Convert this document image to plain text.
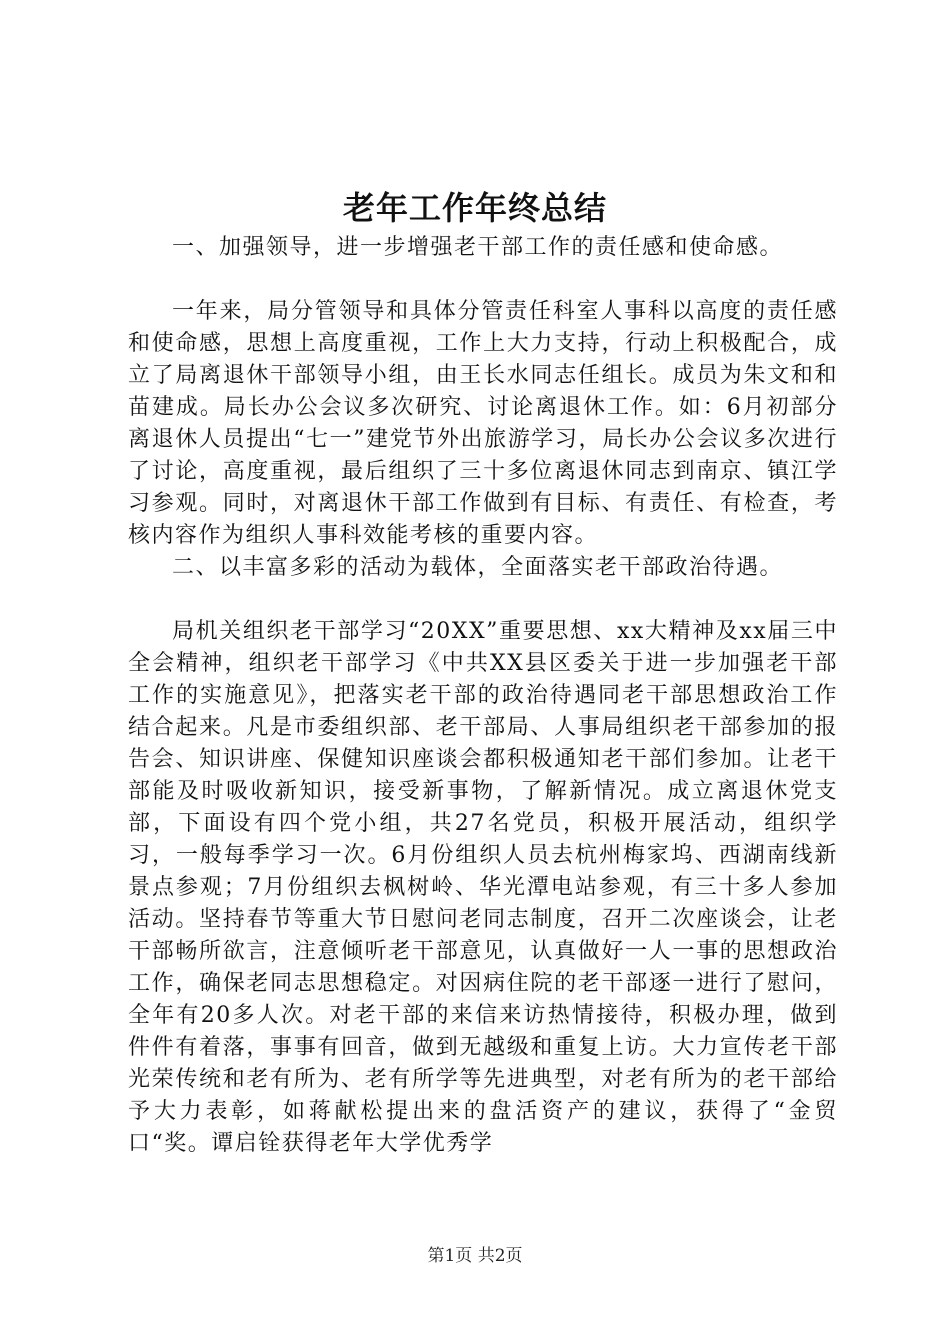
老年工作年终总结

一、加强领导，进一步增强老干部工作的责任感和使命感。

一年来，局分管领导和具体分管责任科室人事科以高度的责任感和使命感，思想上高度重视，工作上大力支持，行动上积极配合，成立了局离退休干部领导小组，由王长水同志任组长。成员为朱文和和苗建成。局长办公会议多次研究、讨论离退休工作。如：6月初部分离退休人员提出“七一”建党节外出旅游学习，局长办公会议多次进行了讨论，高度重视，最后组织了三十多位离退休同志到南京、镇江学习参观。同时，对离退休干部工作做到有目标、有责任、有检查，考核内容作为组织人事科效能考核的重要内容。

二、以丰富多彩的活动为载体，全面落实老干部政治待遇。

局机关组织老干部学习“20XX”重要思想、xx大精神及xx届三中全会精神，组织老干部学习《中共XX县区委关于进一步加强老干部工作的实施意见》，把落实老干部的政治待遇同老干部思想政治工作结合起来。凡是市委组织部、老干部局、人事局组织老干部参加的报告会、知识讲座、保健知识座谈会都积极通知老干部们参加。让老干部能及时吸收新知识，接受新事物，了解新情况。成立离退休党支部，下面设有四个党小组，共27名党员，积极开展活动，组织学习，一般每季学习一次。6月份组织人员去杭州梅家坞、西湖南线新景点参观；7月份组织去枫树岭、华光潭电站参观，有三十多人参加活动。坚持春节等重大节日慰问老同志制度，召开二次座谈会，让老干部畅所欲言，注意倾听老干部意见，认真做好一人一事的思想政治工作，确保老同志思想稳定。对因病住院的老干部逐一进行了慰问，全年有20多人次。对老干部的来信来访热情接待，积极办理，做到件件有着落，事事有回音，做到无越级和重复上访。大力宣传老干部光荣传统和老有所为、老有所学等先进典型，对老有所为的老干部给予大力表彰，如蒋献松提出来的盘活资产的建议，获得了“金贸口“奖。谭启铨获得老年大学优秀学

第1页 共2页
